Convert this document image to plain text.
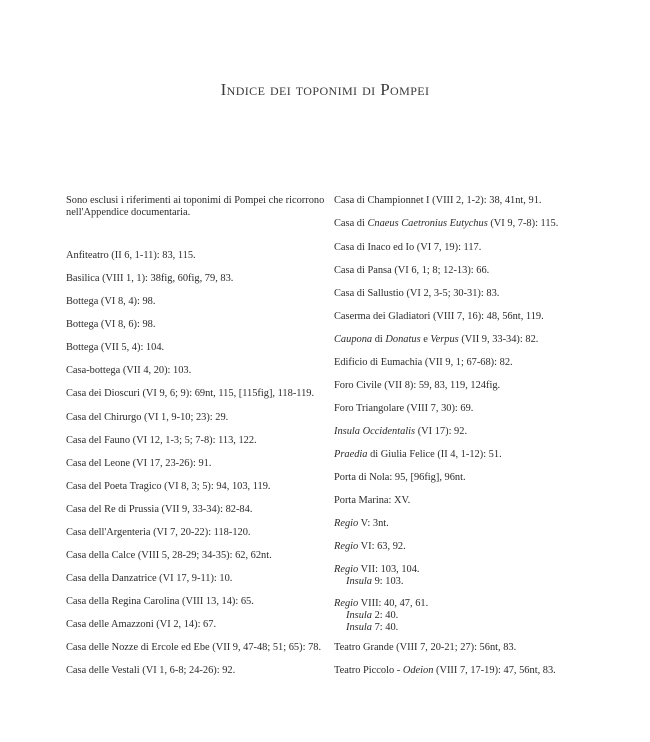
Indice dei toponimi di Pompei
Sono esclusi i riferimenti ai toponimi di Pompei che ricorrono nell'Appendice documentaria.
Anfiteatro (II 6, 1-11): 83, 115.
Basilica (VIII 1, 1): 38fig, 60fig, 79, 83.
Bottega (VI 8, 4): 98.
Bottega (VI 8, 6): 98.
Bottega (VII 5, 4): 104.
Casa-bottega (VII 4, 20): 103.
Casa dei Dioscuri (VI 9, 6; 9): 69nt, 115, [115fig], 118-119.
Casa del Chirurgo (VI 1, 9-10; 23): 29.
Casa del Fauno (VI 12, 1-3; 5; 7-8): 113, 122.
Casa del Leone (VI 17, 23-26): 91.
Casa del Poeta Tragico (VI 8, 3; 5): 94, 103, 119.
Casa del Re di Prussia (VII 9, 33-34): 82-84.
Casa dell'Argenteria (VI 7, 20-22): 118-120.
Casa della Calce (VIII 5, 28-29; 34-35): 62, 62nt.
Casa della Danzatrice (VI 17, 9-11): 10.
Casa della Regina Carolina (VIII 13, 14): 65.
Casa delle Amazzoni (VI 2, 14): 67.
Casa delle Nozze di Ercole ed Ebe (VII 9, 47-48; 51; 65): 78.
Casa delle Vestali (VI 1, 6-8; 24-26): 92.
Casa di Championnet I (VIII 2, 1-2): 38, 41nt, 91.
Casa di Cnaeus Caetronius Eutychus (VI 9, 7-8): 115.
Casa di Inaco ed Io (VI 7, 19): 117.
Casa di Pansa (VI 6, 1; 8; 12-13): 66.
Casa di Sallustio (VI 2, 3-5; 30-31): 83.
Caserma dei Gladiatori (VIII 7, 16): 48, 56nt, 119.
Caupona di Donatus e Verpus (VII 9, 33-34): 82.
Edificio di Eumachia (VII 9, 1; 67-68): 82.
Foro Civile (VII 8): 59, 83, 119, 124fig.
Foro Triangolare (VIII 7, 30): 69.
Insula Occidentalis (VI 17): 92.
Praedia di Giulia Felice (II 4, 1-12): 51.
Porta di Nola: 95, [96fig], 96nt.
Porta Marina: XV.
Regio V: 3nt.
Regio VI: 63, 92.
Regio VII: 103, 104.
Insula 9: 103.
Regio VIII: 40, 47, 61.
Insula 2: 40.
Insula 7: 40.
Teatro Grande (VIII 7, 20-21; 27): 56nt, 83.
Teatro Piccolo - Odeion (VIII 7, 17-19): 47, 56nt, 83.
